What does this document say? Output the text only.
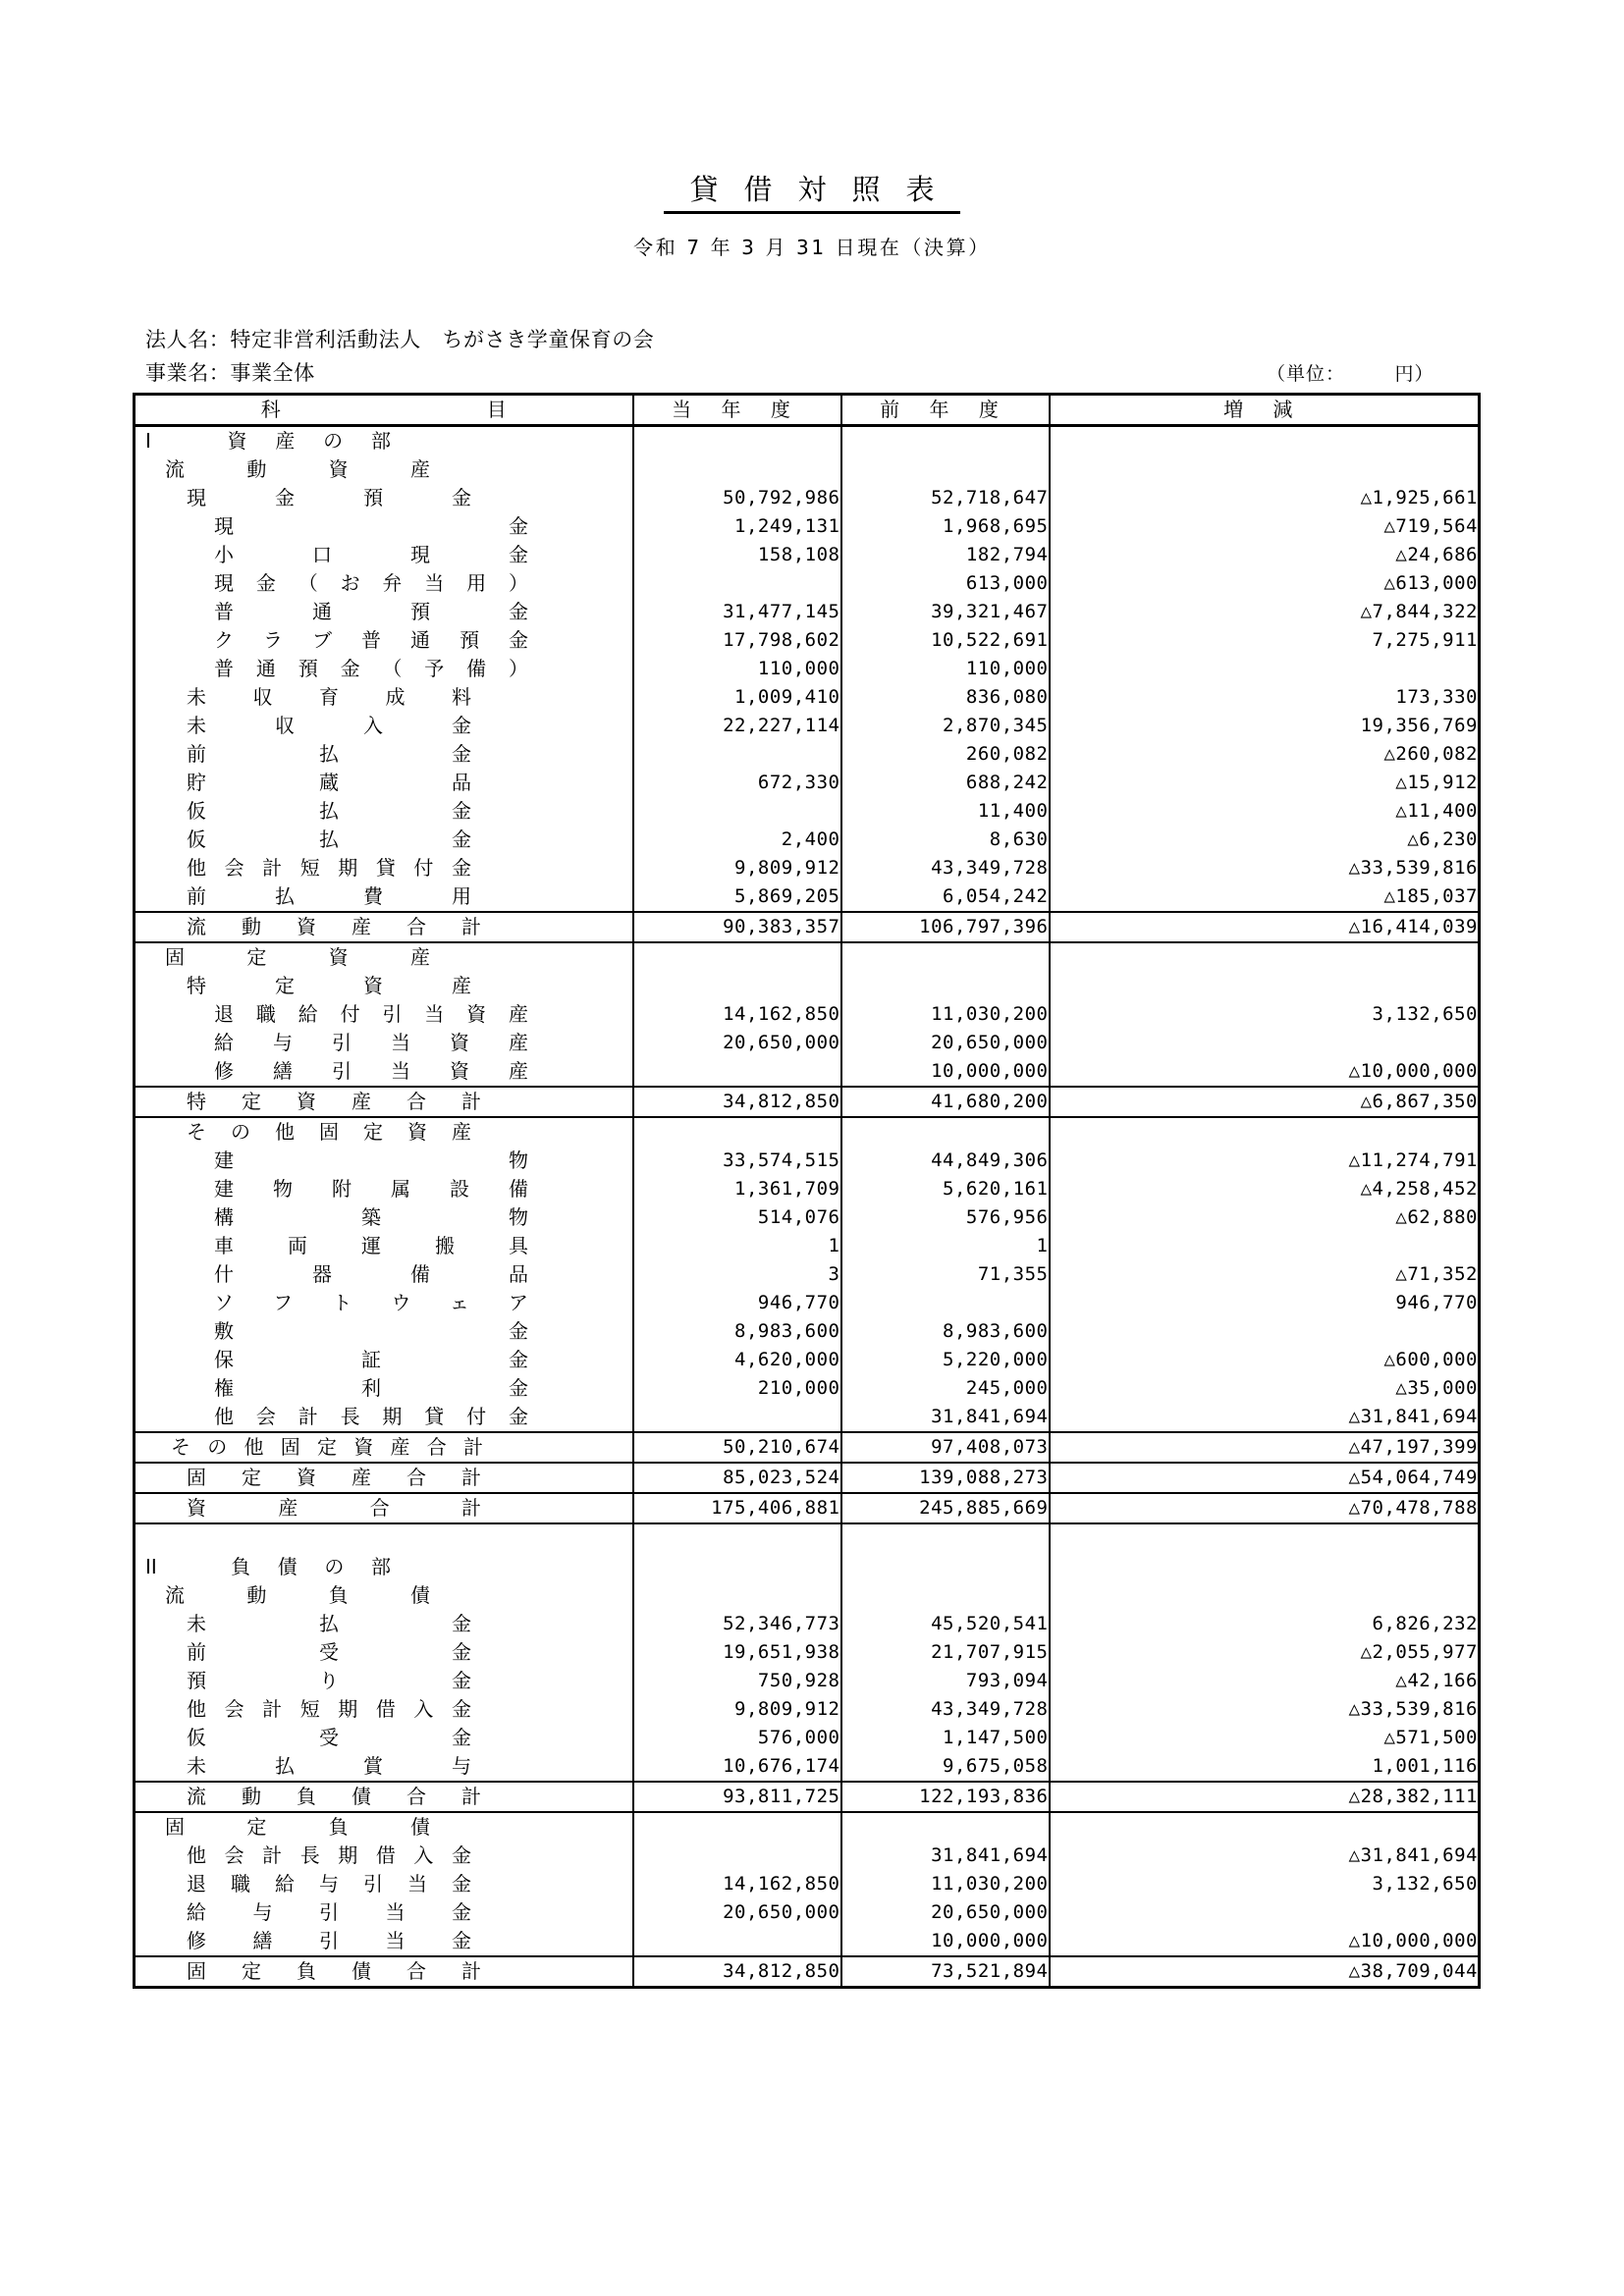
貸借対照表
令和 7 年 3 月 31 日現在（決算）
法人名：特定非営利活動法人　ちがさき学童保育の会
事業名：事業全体	（単位：　　　円）
科目	当 年 度	前 年 度	増 減
I　資産の部			
流動資産			
現金預金	50,792,986	52,718,647	△1,925,661
現金	1,249,131	1,968,695	△719,564
小口現金	158,108	182,794	△24,686
現金（お弁当用）		613,000	△613,000
普通預金	31,477,145	39,321,467	△7,844,322
クラブ普通預金	17,798,602	10,522,691	7,275,911
普通預金（予備）	110,000	110,000	
未収育成料	1,009,410	836,080	173,330
未収入金	22,227,114	2,870,345	19,356,769
前払金		260,082	△260,082
貯蔵品	672,330	688,242	△15,912
仮払金		11,400	△11,400
仮払金	2,400	8,630	△6,230
他会計短期貸付金	9,809,912	43,349,728	△33,539,816
前払費用	5,869,205	6,054,242	△185,037
流動資産合計	90,383,357	106,797,396	△16,414,039
固定資産			
特定資産			
退職給付引当資産	14,162,850	11,030,200	3,132,650
給与引当資産	20,650,000	20,650,000	
修繕引当資産		10,000,000	△10,000,000
特定資産合計	34,812,850	41,680,200	△6,867,350
その他固定資産			
建物	33,574,515	44,849,306	△11,274,791
建物附属設備	1,361,709	5,620,161	△4,258,452
構築物	514,076	576,956	△62,880
車両運搬具	1	1	
什器備品	3	71,355	△71,352
ソフトウェア	946,770		946,770
敷金	8,983,600	8,983,600	
保証金	4,620,000	5,220,000	△600,000
権利金	210,000	245,000	△35,000
他会計長期貸付金		31,841,694	△31,841,694
その他固定資産合計	50,210,674	97,408,073	△47,197,399
固定資産合計	85,023,524	139,088,273	△54,064,749
資産合計	175,406,881	245,885,669	△70,478,788

II　負債の部			
流動負債			
未払金	52,346,773	45,520,541	6,826,232
前受金	19,651,938	21,707,915	△2,055,977
預り金	750,928	793,094	△42,166
他会計短期借入金	9,809,912	43,349,728	△33,539,816
仮受金	576,000	1,147,500	△571,500
未払賞与	10,676,174	9,675,058	1,001,116
流動負債合計	93,811,725	122,193,836	△28,382,111
固定負債			
他会計長期借入金		31,841,694	△31,841,694
退職給与引当金	14,162,850	11,030,200	3,132,650
給与引当金	20,650,000	20,650,000	
修繕引当金		10,000,000	△10,000,000
固定負債合計	34,812,850	73,521,894	△38,709,044
